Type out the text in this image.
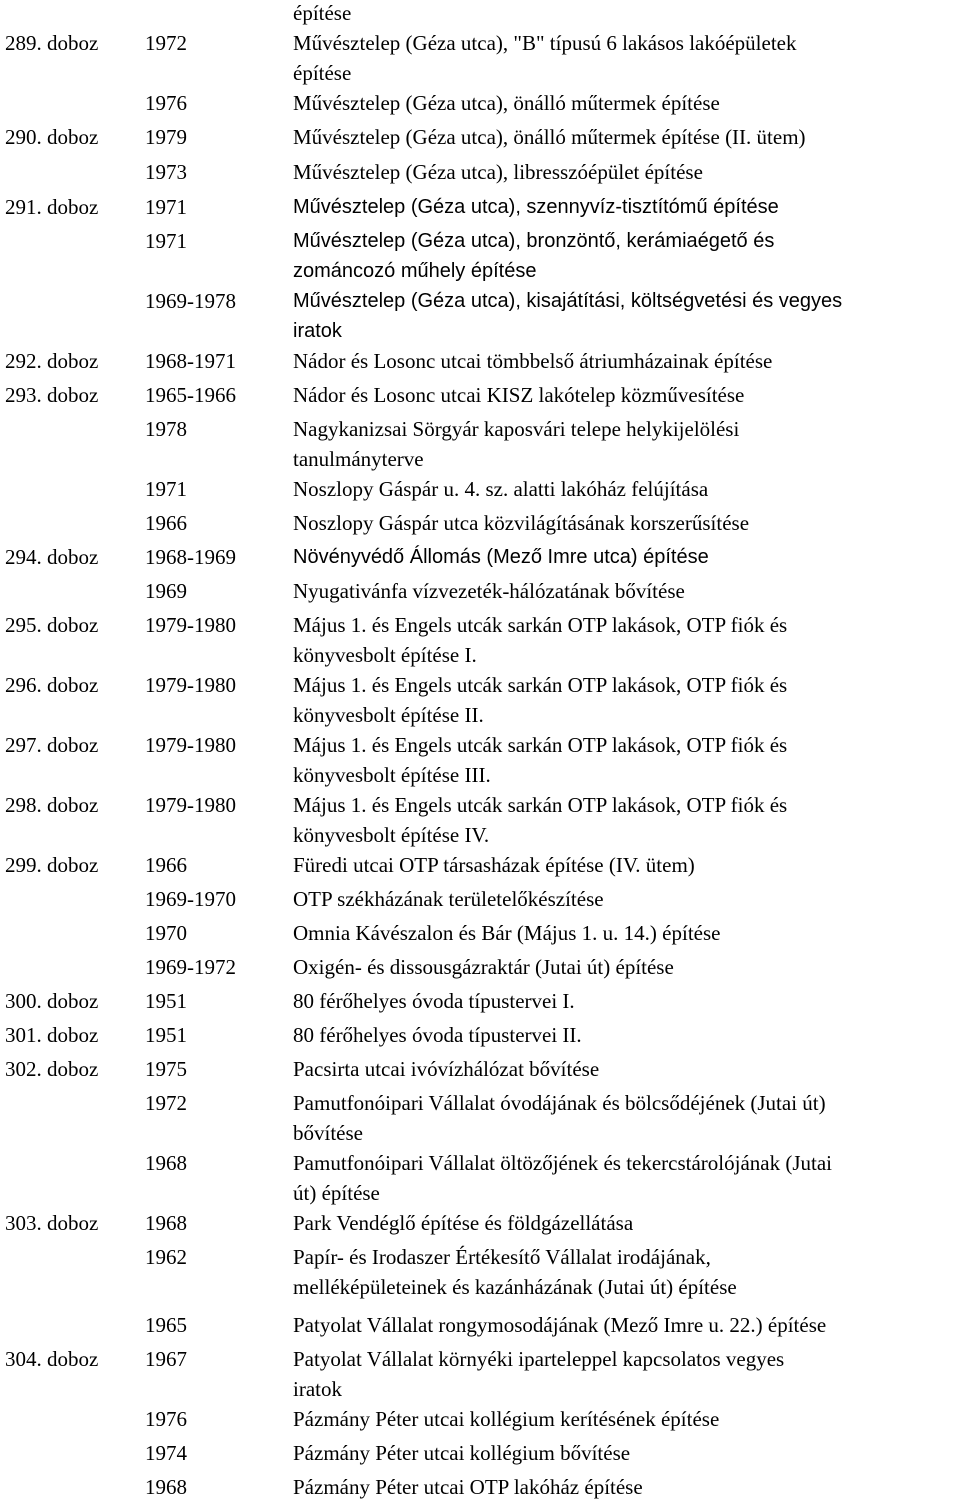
építése
289. doboz 1972	Művésztelep (Géza utca), "B" típusú 6 lakásos lakóépületek
építése
1976	Művésztelep (Géza utca), önálló műtermek építése
290. doboz 1979	Művésztelep (Géza utca), önálló műtermek építése (II. ütem)
1973	Művésztelep (Géza utca), libresszóépület építése
291. doboz 1971	Művésztelep (Géza utca), szennyvíz-tisztítómű építése
1971	Művésztelep (Géza utca), bronzöntő, kerámiaégető és
zománcozó műhely építése
1969-1978	Művésztelep (Géza utca), kisajátítási, költségvetési és vegyes
iratok
292. doboz 1968-1971	Nádor és Losonc utcai tömbbelső átriumházainak építése
293. doboz 1965-1966	Nádor és Losonc utcai KISZ lakótelep közművesítése
1978	Nagykanizsai Sörgyár kaposvári telepe helykijelölési
tanulmányterve
1971	Noszlopy Gáspár u. 4. sz. alatti lakóház felújítása
1966	Noszlopy Gáspár utca közvilágításának korszerűsítése
294. doboz 1968-1969	Növényvédő Állomás (Mező Imre utca) építése
1969	Nyugativánfa vízvezeték-hálózatának bővítése
295. doboz 1979-1980	Május 1. és Engels utcák sarkán OTP lakások, OTP fiók és
könyvesbolt építése I.
296. doboz 1979-1980	Május 1. és Engels utcák sarkán OTP lakások, OTP fiók és
könyvesbolt építése II.
297. doboz 1979-1980	Május 1. és Engels utcák sarkán OTP lakások, OTP fiók és
könyvesbolt építése III.
298. doboz 1979-1980	Május 1. és Engels utcák sarkán OTP lakások, OTP fiók és
könyvesbolt építése IV.
299. doboz 1966	Füredi utcai OTP társasházak építése (IV. ütem)
1969-1970	OTP székházának területelőkészítése
1970	Omnia Kávészalon és Bár (Május 1. u. 14.) építése
1969-1972	Oxigén- és dissousgázraktár (Jutai út) építése
300. doboz 1951	80 férőhelyes óvoda típustervei I.
301. doboz 1951	80 férőhelyes óvoda típustervei II.
302. doboz 1975	Pacsirta utcai ivóvízhálózat bővítése
1972	Pamutfonóipari Vállalat óvodájának és bölcsődéjének (Jutai út)
bővítése
1968	Pamutfonóipari Vállalat öltözőjének és tekercstárolójának (Jutai
út) építése
303. doboz 1968	Park Vendéglő építése és földgázellátása
1962	Papír- és Irodaszer Értékesítő Vállalat irodájának,
melléképületeinek és kazánházának (Jutai út) építése
1965	Patyolat Vállalat rongymosodájának (Mező Imre u. 22.) építése
304. doboz 1967	Patyolat Vállalat környéki ipartelеppel kapcsolatos vegyes
iratok
1976	Pázmány Péter utcai kollégium kerítésének építése
1974	Pázmány Péter utcai kollégium bővítése
1968	Pázmány Péter utcai OTP lakóház építése
